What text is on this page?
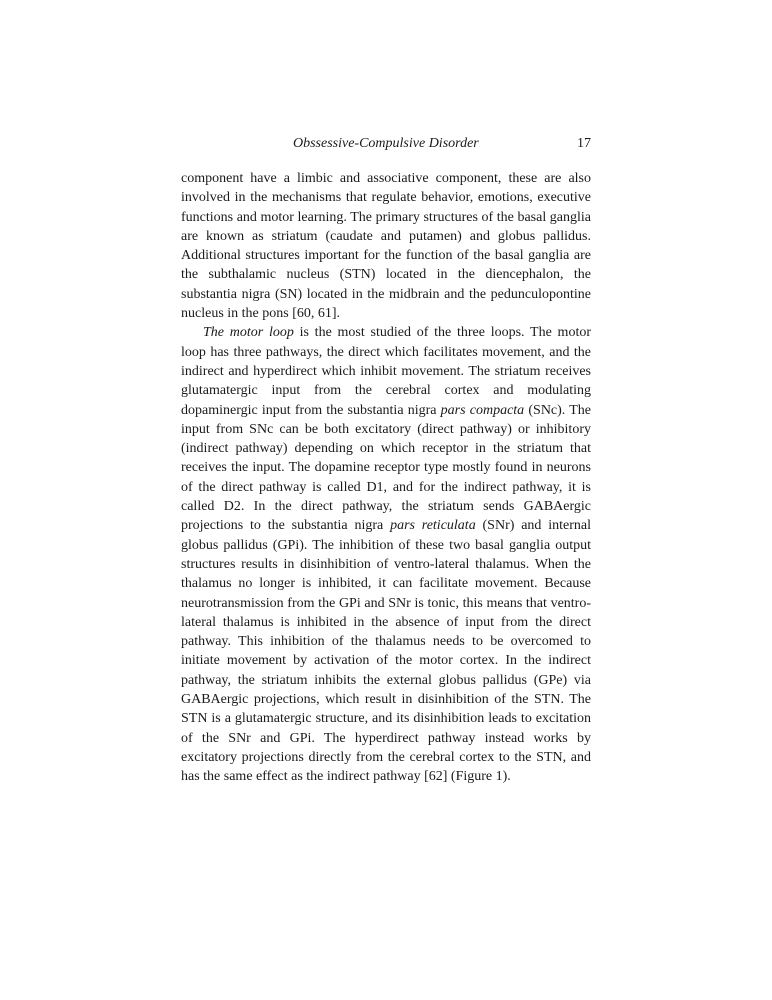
Obssessive-Compulsive Disorder	17

component have a limbic and associative component, these are also involved in the mechanisms that regulate behavior, emotions, executive functions and motor learning. The primary structures of the basal ganglia are known as striatum (caudate and putamen) and globus pallidus. Additional structures important for the function of the basal ganglia are the subthalamic nucleus (STN) located in the diencephalon, the substantia nigra (SN) located in the midbrain and the pedunculopontine nucleus in the pons [60, 61].

The motor loop is the most studied of the three loops. The motor loop has three pathways, the direct which facilitates movement, and the indirect and hyperdirect which inhibit movement. The striatum receives glutamatergic input from the cerebral cortex and modulating dopaminergic input from the substantia nigra pars compacta (SNc). The input from SNc can be both excitatory (direct pathway) or inhibitory (indirect pathway) depending on which receptor in the striatum that receives the input. The dopamine receptor type mostly found in neurons of the direct pathway is called D1, and for the indirect pathway, it is called D2. In the direct pathway, the striatum sends GABAergic projections to the substantia nigra pars reticulata (SNr) and internal globus pallidus (GPi). The inhibition of these two basal ganglia output structures results in disinhibition of ventro-lateral thalamus. When the thalamus no longer is inhibited, it can facilitate movement. Because neurotransmission from the GPi and SNr is tonic, this means that ventro-lateral thalamus is inhibited in the absence of input from the direct pathway. This inhibition of the thalamus needs to be overcomed to initiate movement by activation of the motor cortex. In the indirect pathway, the striatum inhibits the external globus pallidus (GPe) via GABAergic projections, which result in disinhibition of the STN. The STN is a glutamatergic structure, and its disinhibition leads to excitation of the SNr and GPi. The hyperdirect pathway instead works by excitatory projections directly from the cerebral cortex to the STN, and has the same effect as the indirect pathway [62] (Figure 1).
